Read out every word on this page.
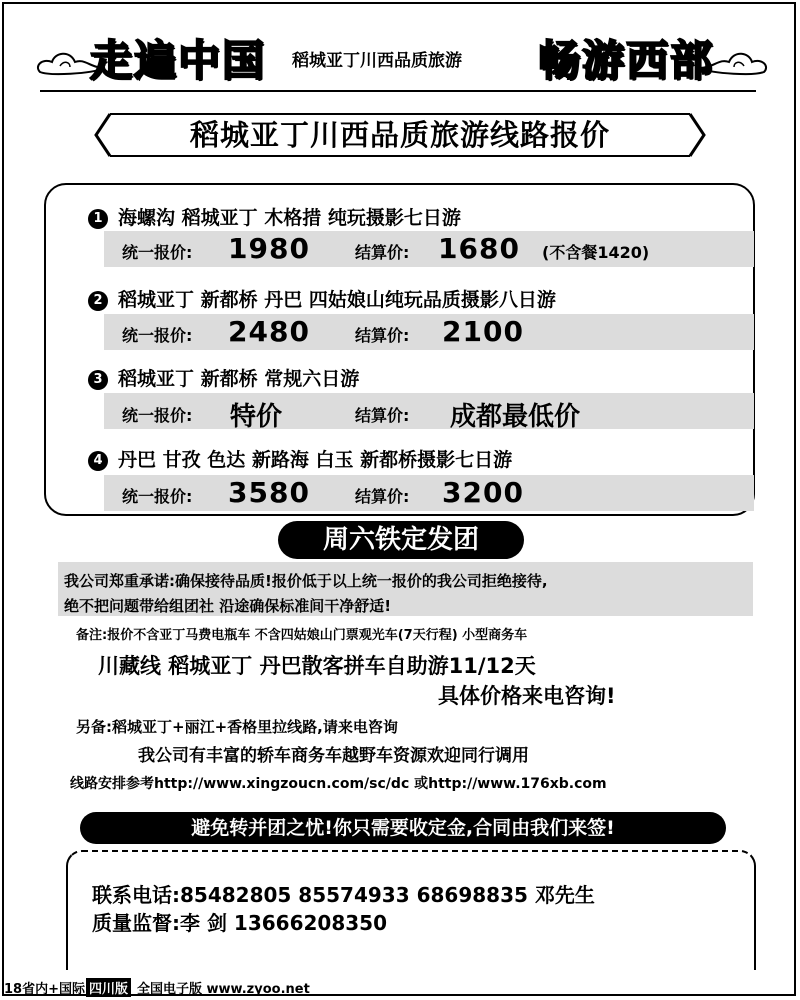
走遍中国 稻城亚丁川西品质旅游 畅游西部
稻城亚丁川西品质旅游线路报价
1 海螺沟 稻城亚丁 木格措 纯玩摄影七日游
统一报价: 1980	结算价: 1680 (不含餐1420)
2 稻城亚丁 新都桥 丹巴 四姑娘山纯玩品质摄影八日游
统一报价: 2480	结算价: 2100
3 稻城亚丁 新都桥 常规六日游
统一报价: 特价	结算价: 成都最低价
4 丹巴 甘孜 色达 新路海 白玉 新都桥摄影七日游
统一报价: 3580	结算价: 3200
周六铁定发团
我公司郑重承诺:确保接待品质!报价低于以上统一报价的我公司拒绝接待,
绝不把问题带给组团社 沿途确保标准间干净舒适!
备注:报价不含亚丁马费电瓶车 不含四姑娘山门票观光车(7天行程) 小型商务车
川藏线 稻城亚丁 丹巴散客拼车自助游11/12天
具体价格来电咨询!
另备:稻城亚丁+丽江+香格里拉线路,请来电咨询
我公司有丰富的轿车商务车越野车资源欢迎同行调用
线路安排参考http://www.xingzoucn.com/sc/dc 或http://www.176xb.com
避免转并团之忧!你只需要收定金,合同由我们来签!
联系电话:85482805 85574933 68698835 邓先生
质量监督:李 剑 13666208350
18省内+国际 四川版 全国电子版 www.zyoo.net
